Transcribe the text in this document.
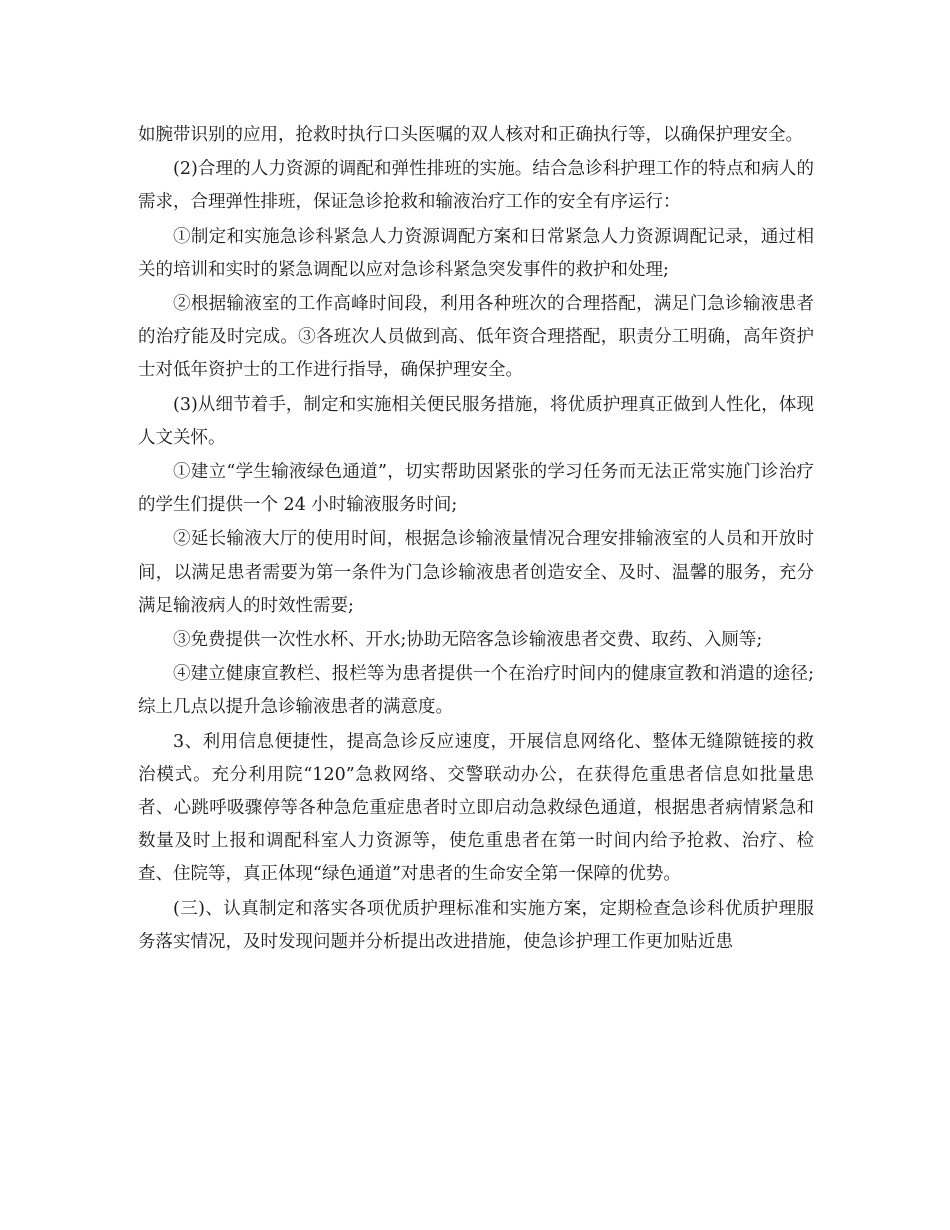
如腕带识别的应用，抢救时执行口头医嘱的双人核对和正确执行等，以确保护理安全。

(2)合理的人力资源的调配和弹性排班的实施。结合急诊科护理工作的特点和病人的需求，合理弹性排班，保证急诊抢救和输液治疗工作的安全有序运行：

①制定和实施急诊科紧急人力资源调配方案和日常紧急人力资源调配记录，通过相关的培训和实时的紧急调配以应对急诊科紧急突发事件的救护和处理;

②根据输液室的工作高峰时间段，利用各种班次的合理搭配，满足门急诊输液患者的治疗能及时完成。③各班次人员做到高、低年资合理搭配，职责分工明确，高年资护士对低年资护士的工作进行指导，确保护理安全。

(3)从细节着手，制定和实施相关便民服务措施，将优质护理真正做到人性化，体现人文关怀。

①建立“学生输液绿色通道”，切实帮助因紧张的学习任务而无法正常实施门诊治疗的学生们提供一个 24 小时输液服务时间;

②延长输液大厅的使用时间，根据急诊输液量情况合理安排输液室的人员和开放时间，以满足患者需要为第一条件为门急诊输液患者创造安全、及时、温馨的服务，充分满足输液病人的时效性需要;

③免费提供一次性水杯、开水;协助无陪客急诊输液患者交费、取药、入厕等;

④建立健康宣教栏、报栏等为患者提供一个在治疗时间内的健康宣教和消遣的途径;综上几点以提升急诊输液患者的满意度。

3、利用信息便捷性，提高急诊反应速度，开展信息网络化、整体无缝隙链接的救治模式。充分利用院“120”急救网络、交警联动办公，在获得危重患者信息如批量患者、心跳呼吸骤停等各种急危重症患者时立即启动急救绿色通道，根据患者病情紧急和数量及时上报和调配科室人力资源等，使危重患者在第一时间内给予抢救、治疗、检查、住院等，真正体现“绿色通道”对患者的生命安全第一保障的优势。

(三)、认真制定和落实各项优质护理标准和实施方案，定期检查急诊科优质护理服务落实情况，及时发现问题并分析提出改进措施，使急诊护理工作更加贴近患
